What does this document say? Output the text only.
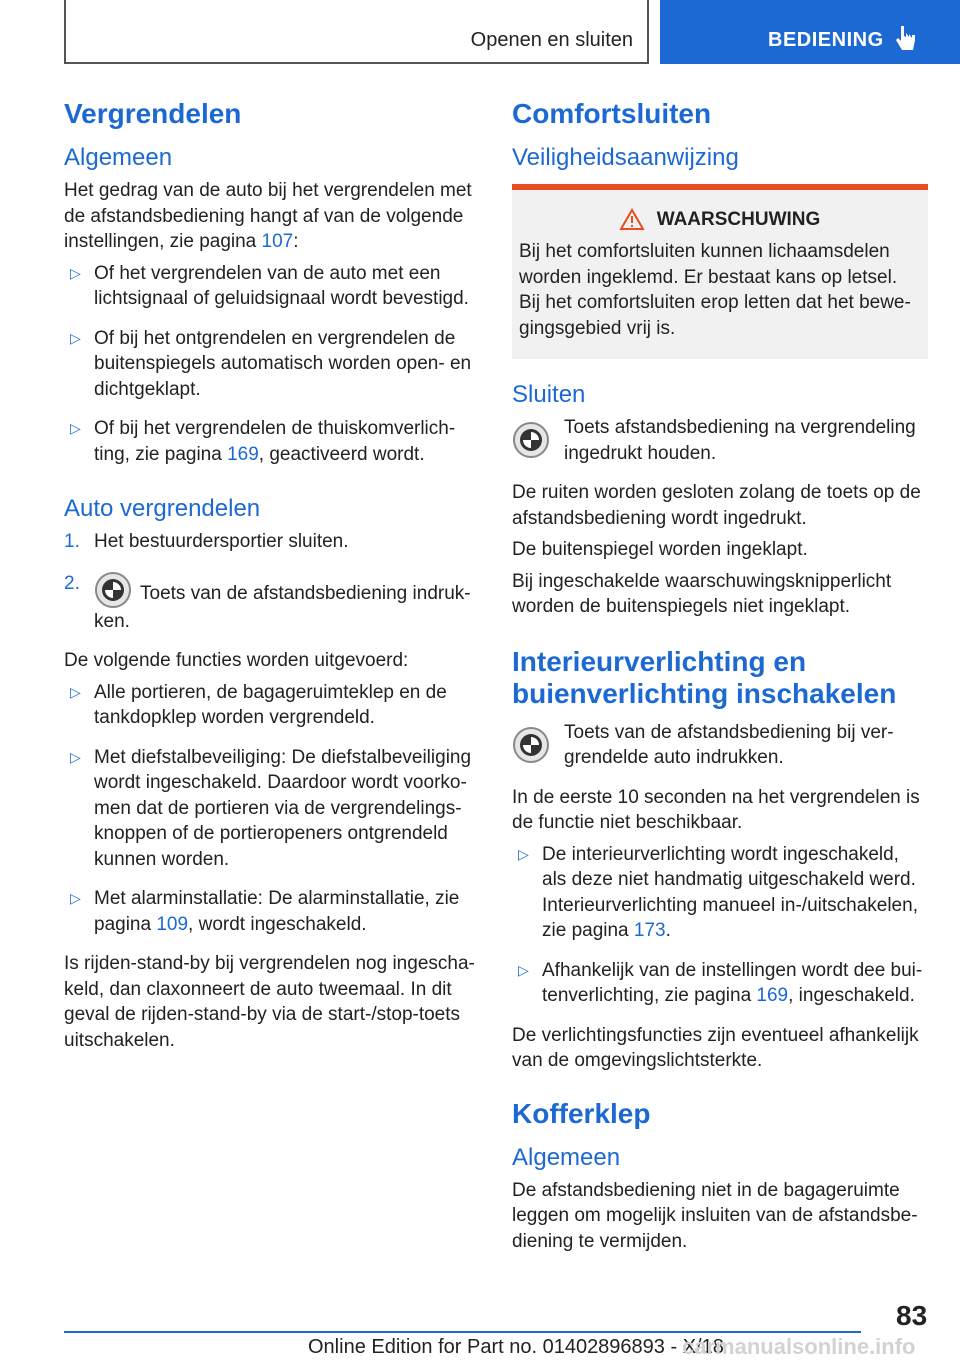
Openen en sluiten	BEDIENING
Vergrendelen
Algemeen

Het gedrag van de auto bij het vergrendelen met de afstandsbediening hangt af van de volgende instellingen, zie pagina 107:

▷ Of het vergrendelen van de auto met een lichtsignaal of geluidsignaal wordt bevestigd.
▷ Of bij het ontgrendelen en vergrendelen de buitenspiegels automatisch worden open- en dichtgeklapt.
▷ Of bij het vergrendelen de thuiskomverlichting, zie pagina 169, geactiveerd wordt.
Auto vergrendelen
1. Het bestuurdersportier sluiten.
2.	Toets van de afstandsbediening indrukken.

De volgende functies worden uitgevoerd:

▷ Alle portieren, de bagageruimteklep en de tankdopklep worden vergrendeld.
▷ Met diefstalbeveiliging: De diefstalbeveiliging wordt ingeschakeld. Daardoor wordt voorkomen dat de portieren via de vergrendelingsknoppen of de portieropeners ontgrendeld kunnen worden.
▷ Met alarminstallatie: De alarminstallatie, zie pagina 109, wordt ingeschakeld.

Is rijden-stand-by bij vergrendelen nog ingeschakeld, dan claxonneert de auto tweemaal. In dit geval de rijden-stand-by via de start-/stop-toets uitschakelen.

Comfortsluiten
Veiligheidsaanwijzing
WAARSCHUWING

Bij het comfortsluiten kunnen lichaamsdelen worden ingeklemd. Er bestaat kans op letsel. Bij het comfortsluiten erop letten dat het bewegingsgebied vrij is.

Sluiten

Toets afstandsbediening na vergrendeling ingedrukt houden.

De ruiten worden gesloten zolang de toets op de afstandsbediening wordt ingedrukt.

De buitenspiegel worden ingeklapt.

Bij ingeschakelde waarschuwingsknipperlicht worden de buitenspiegels niet ingeklapt.

Interieurverlichting en buienverlichting inschakelen

Toets van de afstandsbediening bij vergrendelde auto indrukken.

In de eerste 10 seconden na het vergrendelen is de functie niet beschikbaar.

▷ De interieurverlichting wordt ingeschakeld, als deze niet handmatig uitgeschakeld werd. Interieurverlichting manueel in-/uitschakelen, zie pagina 173.
▷ Afhankelijk van de instellingen wordt dee buitenverlichting, zie pagina 169, ingeschakeld.

De verlichtingsfuncties zijn eventueel afhankelijk van de omgevingslichtsterkte.

Kofferklep
Algemeen

De afstandsbediening niet in de bagageruimte leggen om mogelijk insluiten van de afstandsbediening te vermijden.

83
Online Edition for Part no. 01402896893 - X/18
carmanualsonline.info
